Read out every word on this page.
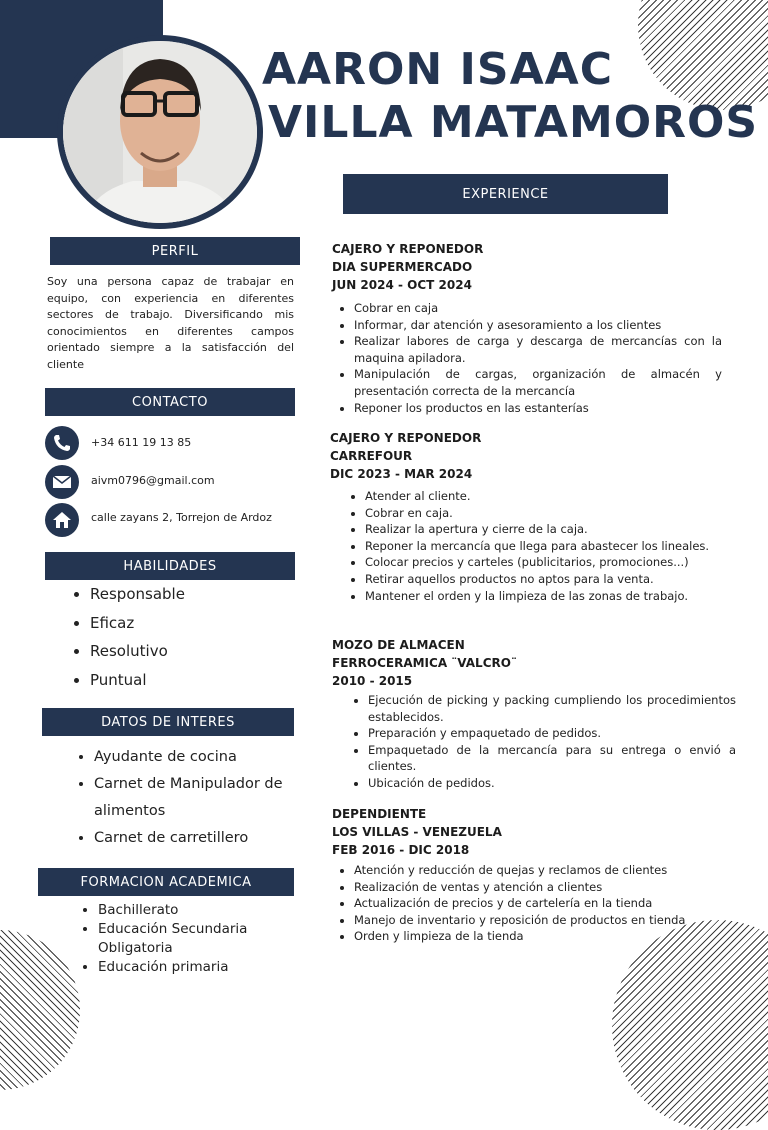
AARON ISAAC
VILLA MATAMOROS
PERFIL
Soy una persona capaz de trabajar en equipo, con experiencia en diferentes sectores de trabajo. Diversificando mis conocimientos en diferentes campos orientado siempre a la satisfacción del cliente
CONTACTO
+34 611 19 13 85
aivm0796@gmail.com
calle zayans 2, Torrejon de Ardoz
HABILIDADES
• Responsable
• Eficaz
• Resolutivo
• Puntual
DATOS DE INTERES
• Ayudante de cocina
• Carnet de Manipulador de alimentos
• Carnet de carretillero
FORMACION ACADEMICA
• Bachillerato
• Educación Secundaria Obligatoria
• Educación primaria
EXPERIENCE
CAJERO Y REPONEDOR
DIA SUPERMERCADO
JUN 2024 - OCT 2024
• Cobrar en caja
• Informar, dar atención y asesoramiento a los clientes
• Realizar labores de carga y descarga de mercancías con la maquina apiladora.
• Manipulación de cargas, organización de almacén y presentación correcta de la mercancía
• Reponer los productos en las estanterías
CAJERO Y REPONEDOR
CARREFOUR
DIC 2023 - MAR 2024
• Atender al cliente.
• Cobrar en caja.
• Realizar la apertura y cierre de la caja.
• Reponer la mercancía que llega para abastecer los lineales.
• Colocar precios y carteles (publicitarios, promociones...)
• Retirar aquellos productos no aptos para la venta.
• Mantener el orden y la limpieza de las zonas de trabajo.
MOZO DE ALMACEN
FERROCERAMICA ¨VALCRO¨
2010 - 2015
• Ejecución de picking y packing cumpliendo los procedimientos establecidos.
• Preparación y empaquetado de pedidos.
• Empaquetado de la mercancía para su entrega o envió a clientes.
• Ubicación de pedidos.
DEPENDIENTE
LOS VILLAS - VENEZUELA
FEB 2016 - DIC 2018
• Atención y reducción de quejas y reclamos de clientes
• Realización de ventas y atención a clientes
• Actualización de precios y de cartelería en la tienda
• Manejo de inventario y reposición de productos en tienda
• Orden y limpieza de la tienda
